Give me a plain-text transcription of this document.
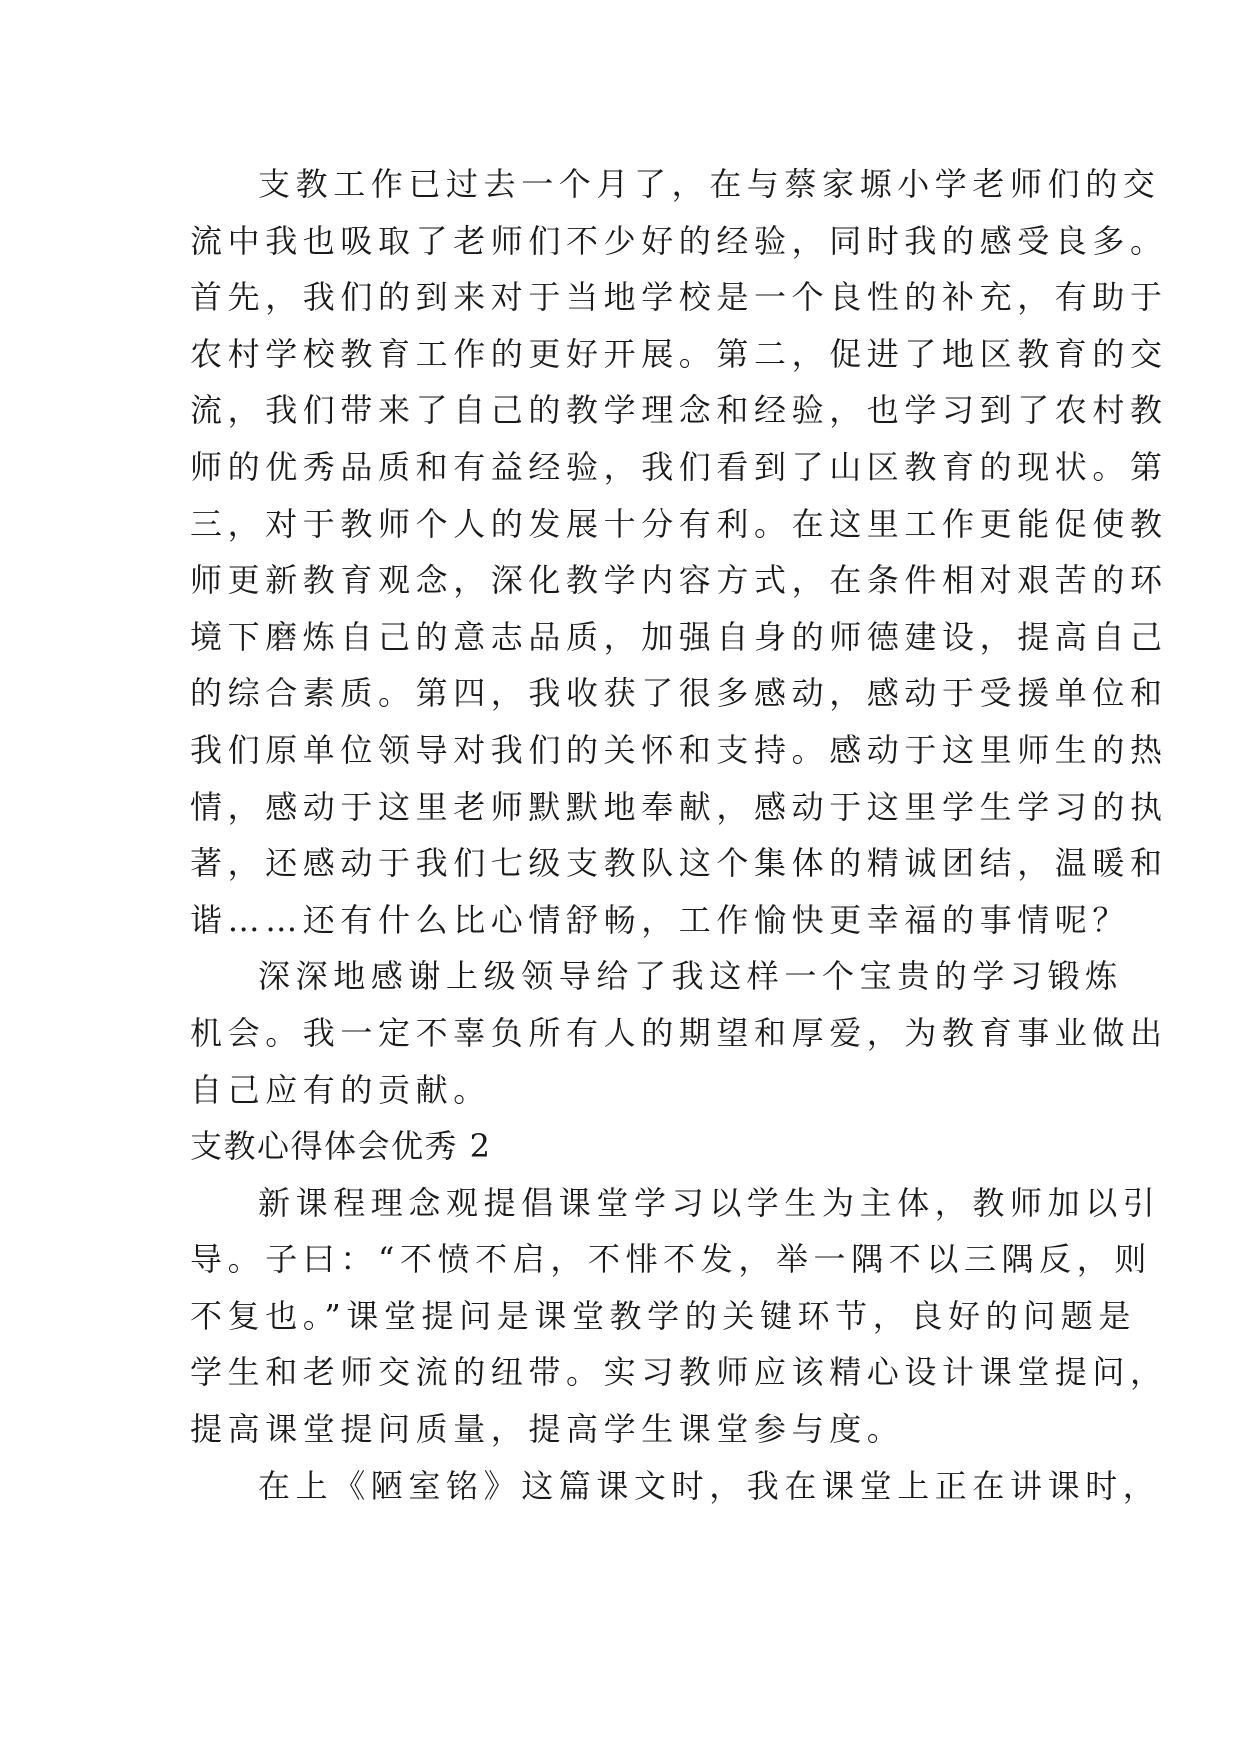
支教工作已过去一个月了，在与蔡家塬小学老师们的交
流中我也吸取了老师们不少好的经验，同时我的感受良多。
首先，我们的到来对于当地学校是一个良性的补充，有助于
农村学校教育工作的更好开展。第二，促进了地区教育的交
流，我们带来了自己的教学理念和经验，也学习到了农村教
师的优秀品质和有益经验，我们看到了山区教育的现状。第
三，对于教师个人的发展十分有利。在这里工作更能促使教
师更新教育观念，深化教学内容方式，在条件相对艰苦的环
境下磨炼自己的意志品质，加强自身的师德建设，提高自己
的综合素质。第四，我收获了很多感动，感动于受援单位和
我们原单位领导对我们的关怀和支持。感动于这里师生的热
情，感动于这里老师默默地奉献，感动于这里学生学习的执
著，还感动于我们七级支教队这个集体的精诚团结，温暖和
谐……还有什么比心情舒畅，工作愉快更幸福的事情呢？
深深地感谢上级领导给了我这样一个宝贵的学习锻炼
机会。我一定不辜负所有人的期望和厚爱，为教育事业做出
自己应有的贡献。
支教心得体会优秀 2
新课程理念观提倡课堂学习以学生为主体，教师加以引
导。子曰：“不愤不启，不悱不发，举一隅不以三隅反，则
不复也。”课堂提问是课堂教学的关键环节，良好的问题是
学生和老师交流的纽带。实习教师应该精心设计课堂提问，
提高课堂提问质量，提高学生课堂参与度。
在上《陋室铭》这篇课文时，我在课堂上正在讲课时，
